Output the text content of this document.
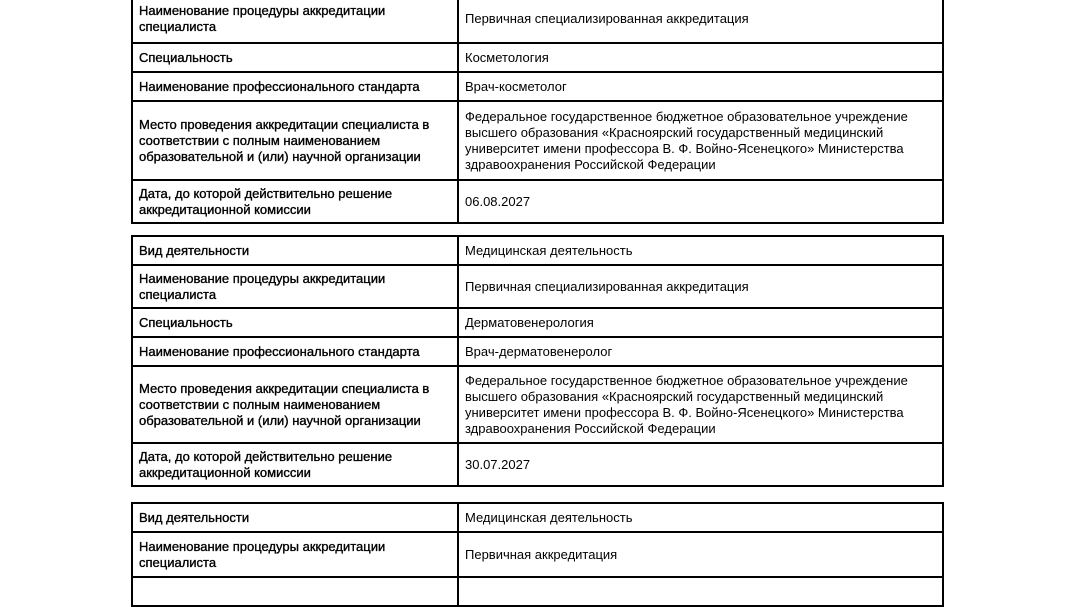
Наименование процедуры аккредитации специалиста	Первичная специализированная аккредитация
Специальность	Косметология
Наименование профессионального стандарта	Врач-косметолог
Место проведения аккредитации специалиста в соответствии с полным наименованием образовательной и (или) научной организации	Федеральное государственное бюджетное образовательное учреждение высшего образования «Красноярский государственный медицинский университет имени профессора В. Ф. Войно-Ясенецкого» Министерства здравоохранения Российской Федерации
Дата, до которой действительно решение аккредитационной комиссии	06.08.2027
Вид деятельности	Медицинская деятельность
Наименование процедуры аккредитации специалиста	Первичная специализированная аккредитация
Специальность	Дерматовенерология
Наименование профессионального стандарта	Врач-дерматовенеролог
Место проведения аккредитации специалиста в соответствии с полным наименованием образовательной и (или) научной организации	Федеральное государственное бюджетное образовательное учреждение высшего образования «Красноярский государственный медицинский университет имени профессора В. Ф. Войно-Ясенецкого» Министерства здравоохранения Российской Федерации
Дата, до которой действительно решение аккредитационной комиссии	30.07.2027
Вид деятельности	Медицинская деятельность
Наименование процедуры аккредитации специалиста	Первичная аккредитация
